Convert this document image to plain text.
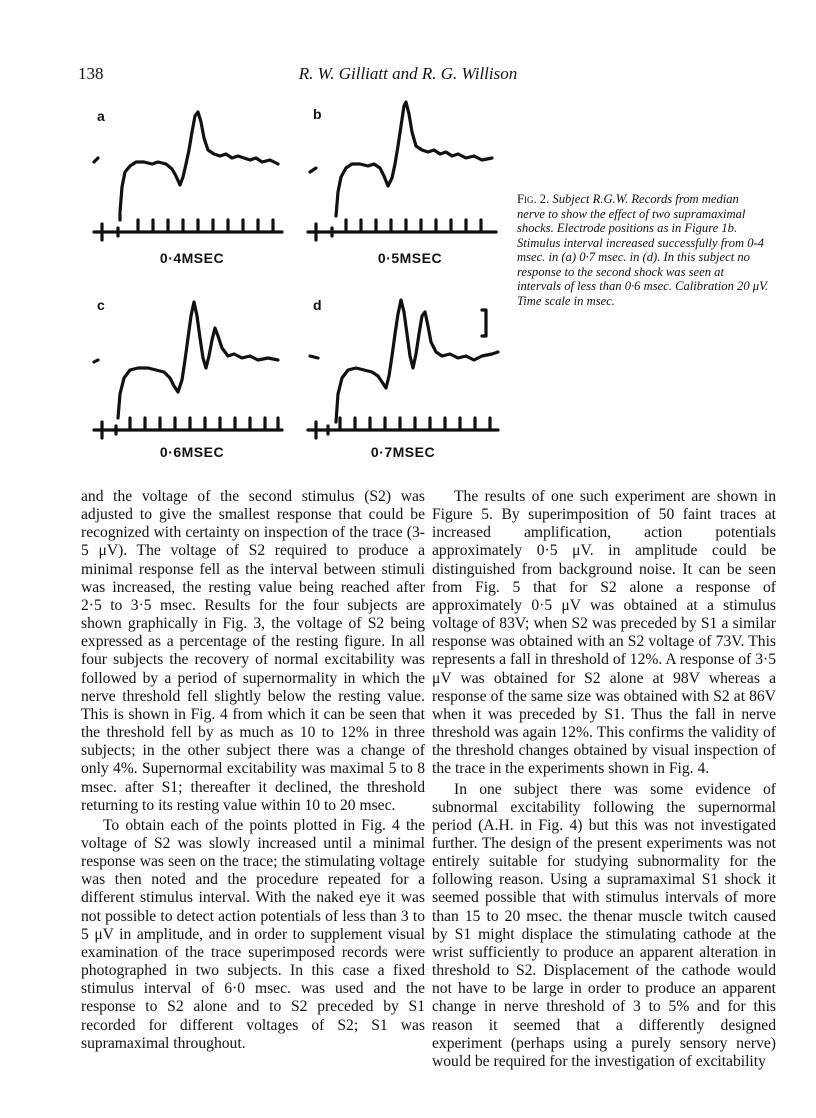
138	R. W. Gilliatt and R. G. Willison
a
0·4MSEC
b
0·5MSEC
c
0·6MSEC
d
0·7MSEC
Fig. 2. Subject R.G.W. Records from median nerve to show the effect of two supramaximal shocks. Electrode positions as in Figure 1b. Stimulus interval increased successfully from 0-4 msec. in (a) 0·7 msec. in (d). In this subject no response to the second shock was seen at intervals of less than 0·6 msec. Calibration 20 μV. Time scale in msec.

and the voltage of the second stimulus (S2) was adjusted to give the smallest response that could be recognized with certainty on inspection of the trace (3-5 μV). The voltage of S2 required to produce a minimal response fell as the interval between stimuli was increased, the resting value being reached after 2·5 to 3·5 msec. Results for the four subjects are shown graphically in Fig. 3, the voltage of S2 being expressed as a percentage of the resting figure. In all four subjects the recovery of normal excitability was followed by a period of supernormality in which the nerve threshold fell slightly below the resting value. This is shown in Fig. 4 from which it can be seen that the threshold fell by as much as 10 to 12% in three subjects; in the other subject there was a change of only 4%. Supernormal excitability was maximal 5 to 8 msec. after S1; thereafter it declined, the threshold returning to its resting value within 10 to 20 msec.

To obtain each of the points plotted in Fig. 4 the voltage of S2 was slowly increased until a minimal response was seen on the trace; the stimulating voltage was then noted and the procedure repeated for a different stimulus interval. With the naked eye it was not possible to detect action potentials of less than 3 to 5 μV in amplitude, and in order to supplement visual examination of the trace superimposed records were photographed in two subjects. In this case a fixed stimulus interval of 6·0 msec. was used and the response to S2 alone and to S2 preceded by S1 recorded for different voltages of S2; S1 was supramaximal throughout.

The results of one such experiment are shown in Figure 5. By superimposition of 50 faint traces at increased amplification, action potentials approximately 0·5 μV. in amplitude could be distinguished from background noise. It can be seen from Fig. 5 that for S2 alone a response of approximately 0·5 μV was obtained at a stimulus voltage of 83V; when S2 was preceded by S1 a similar response was obtained with an S2 voltage of 73V. This represents a fall in threshold of 12%. A response of 3·5 μV was obtained for S2 alone at 98V whereas a response of the same size was obtained with S2 at 86V when it was preceded by S1. Thus the fall in nerve threshold was again 12%. This confirms the validity of the threshold changes obtained by visual inspection of the trace in the experiments shown in Fig. 4.

In one subject there was some evidence of subnormal excitability following the supernormal period (A.H. in Fig. 4) but this was not investigated further. The design of the present experiments was not entirely suitable for studying subnormality for the following reason. Using a supramaximal S1 shock it seemed possible that with stimulus intervals of more than 15 to 20 msec. the thenar muscle twitch caused by S1 might displace the stimulating cathode at the wrist sufficiently to produce an apparent alteration in threshold to S2. Displacement of the cathode would not have to be large in order to produce an apparent change in nerve threshold of 3 to 5% and for this reason it seemed that a differently designed experiment (perhaps using a purely sensory nerve) would be required for the investigation of excitability
